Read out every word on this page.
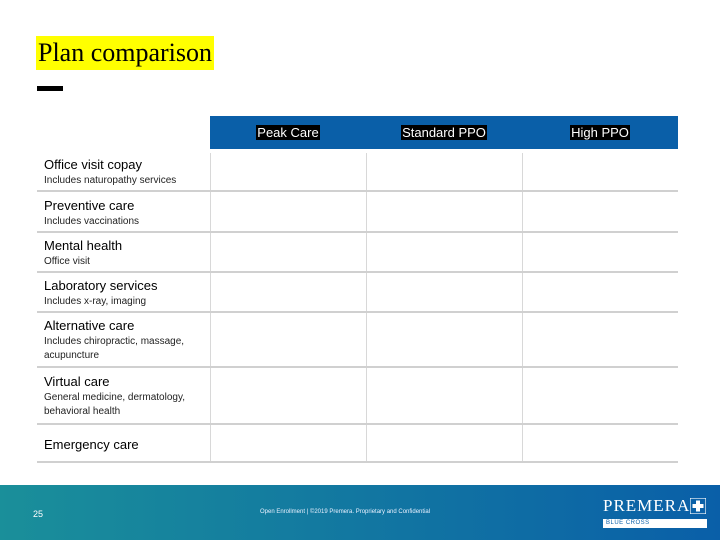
Plan comparison
Peak Care	Standard PPO	High PPO
Office visit copay
Includes naturopathy services
Preventive care
Includes vaccinations
Mental health
Office visit
Laboratory services
Includes x-ray, imaging
Alternative care
Includes chiropractic, massage, acupuncture
Virtual care
General medicine, dermatology, behavioral health
Emergency care
25	Open Enrollment | ©2019 Premera. Proprietary and Confidential	PREMERA
BLUE CROSS
